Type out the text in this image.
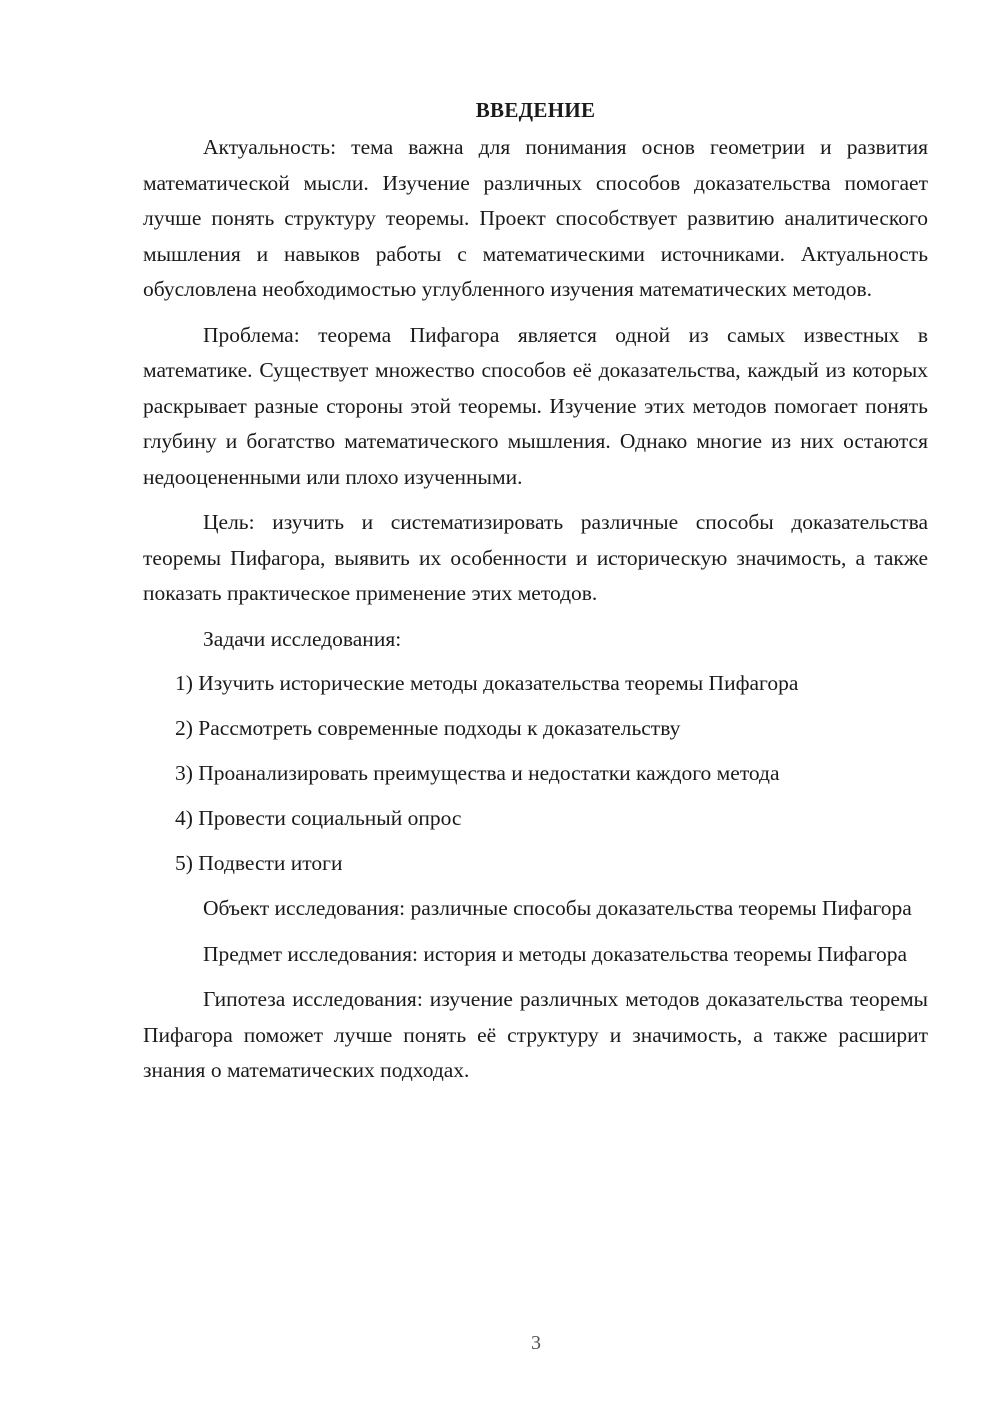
ВВЕДЕНИЕ

Актуальность: тема важна для понимания основ геометрии и развития математической мысли. Изучение различных способов доказательства помогает лучше понять структуру теоремы. Проект способствует развитию аналитического мышления и навыков работы с математическими источниками. Актуальность обусловлена необходимостью углубленного изучения математических методов.

Проблема: теорема Пифагора является одной из самых известных в математике. Существует множество способов её доказательства, каждый из которых раскрывает разные стороны этой теоремы. Изучение этих методов помогает понять глубину и богатство математического мышления. Однако многие из них остаются недооцененными или плохо изученными.

Цель: изучить и систематизировать различные способы доказательства теоремы Пифагора, выявить их особенности и историческую значимость, а также показать практическое применение этих методов.

Задачи исследования:

1) Изучить исторические методы доказательства теоремы Пифагора
2) Рассмотреть современные подходы к доказательству
3) Проанализировать преимущества и недостатки каждого метода
4) Провести социальный опрос
5) Подвести итоги

Объект исследования: различные способы доказательства теоремы Пифагора

Предмет исследования: история и методы доказательства теоремы Пифагора

Гипотеза исследования: изучение различных методов доказательства теоремы Пифагора поможет лучше понять её структуру и значимость, а также расширит знания о математических подходах.

3
